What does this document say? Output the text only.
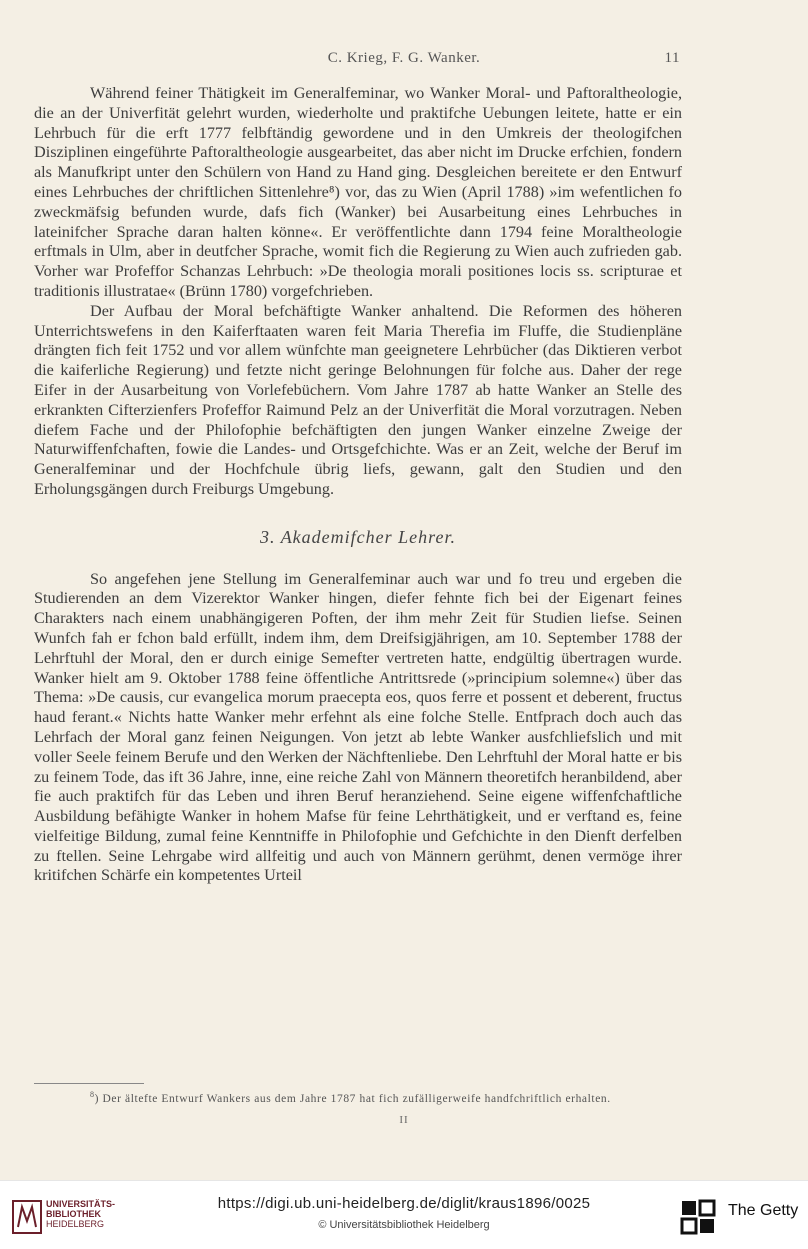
C. Krieg, F. G. Wanker.	11

Während feiner Thätigkeit im Generalfeminar, wo Wanker Moral- und Paftoraltheologie, die an der Univerfität gelehrt wurden, wiederholte und praktifche Uebungen leitete, hatte er ein Lehrbuch für die erft 1777 felbftändig gewordene und in den Umkreis der theologifchen Disziplinen eingeführte Paftoraltheologie ausgearbeitet, das aber nicht im Drucke erfchien, fondern als Manufkript unter den Schülern von Hand zu Hand ging. Desgleichen bereitete er den Entwurf eines Lehrbuches der chriftlichen Sittenlehre⁸) vor, das zu Wien (April 1788) »im wefentlichen fo zweckmäfsig befunden wurde, dafs fich (Wanker) bei Ausarbeitung eines Lehrbuches in lateinifcher Sprache daran halten könne«. Er veröffentlichte dann 1794 feine Moraltheologie erftmals in Ulm, aber in deutfcher Sprache, womit fich die Regierung zu Wien auch zufrieden gab. Vorher war Profeffor Schanzas Lehrbuch: »De theologia morali positiones locis ss. scripturae et traditionis illustratae« (Brünn 1780) vorgefchrieben.

Der Aufbau der Moral befchäftigte Wanker anhaltend. Die Reformen des höheren Unterrichtswefens in den Kaiferftaaten waren feit Maria Therefia im Fluffe, die Studienpläne drängten fich feit 1752 und vor allem wünfchte man geeignetere Lehrbücher (das Diktieren verbot die kaiferliche Regierung) und fetzte nicht geringe Belohnungen für folche aus. Daher der rege Eifer in der Ausarbeitung von Vorlefebüchern. Vom Jahre 1787 ab hatte Wanker an Stelle des erkrankten Cifterzienfers Profeffor Raimund Pelz an der Univerfität die Moral vorzutragen. Neben diefem Fache und der Philofophie befchäftigten den jungen Wanker einzelne Zweige der Naturwiffenfchaften, fowie die Landes- und Ortsgefchichte. Was er an Zeit, welche der Beruf im Generalfeminar und der Hochfchule übrig liefs, gewann, galt den Studien und den Erholungsgängen durch Freiburgs Umgebung.

3. Akademifcher Lehrer.

So angefehen jene Stellung im Generalfeminar auch war und fo treu und ergeben die Studierenden an dem Vizerektor Wanker hingen, diefer fehnte fich bei der Eigenart feines Charakters nach einem unabhängigeren Poften, der ihm mehr Zeit für Studien liefse. Seinen Wunfch fah er fchon bald erfüllt, indem ihm, dem Dreifsigjährigen, am 10. September 1788 der Lehrftuhl der Moral, den er durch einige Semefter vertreten hatte, endgültig übertragen wurde. Wanker hielt am 9. Oktober 1788 feine öffentliche Antrittsrede (»principium solemne«) über das Thema: »De causis, cur evangelica morum praecepta eos, quos ferre et possent et deberent, fructus haud ferant.« Nichts hatte Wanker mehr erfehnt als eine folche Stelle. Entfprach doch auch das Lehrfach der Moral ganz feinen Neigungen. Von jetzt ab lebte Wanker ausfchliefslich und mit voller Seele feinem Berufe und den Werken der Nächftenliebe. Den Lehrftuhl der Moral hatte er bis zu feinem Tode, das ift 36 Jahre, inne, eine reiche Zahl von Männern theoretifch heranbildend, aber fie auch praktifch für das Leben und ihren Beruf heranziehend. Seine eigene wiffenfchaftliche Ausbildung befähigte Wanker in hohem Mafse für feine Lehrthätigkeit, und er verftand es, feine vielfeitige Bildung, zumal feine Kenntniffe in Philofophie und Gefchichte in den Dienft derfelben zu ftellen. Seine Lehrgabe wird allfeitig und auch von Männern gerühmt, denen vermöge ihrer kritifchen Schärfe ein kompetentes Urteil

$^8$) Der ältefte Entwurf Wankers aus dem Jahre 1787 hat fich zufälligerweife handfchriftlich erhalten.
II
UNIVERSITÄTS-
BIBLIOTHEK
HEIDELBERG
https://digi.ub.uni-heidelberg.de/diglit/kraus1896/0025
© Universitätsbibliothek Heidelberg
The Getty
